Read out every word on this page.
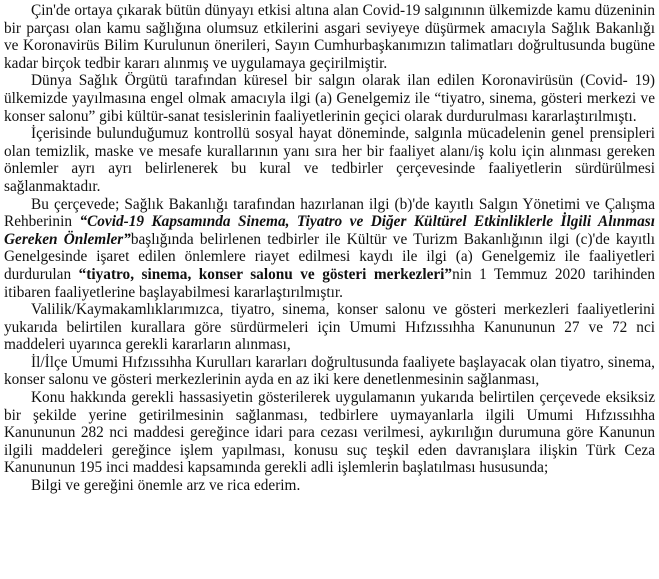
Çin'de ortaya çıkarak bütün dünyayı etkisi altına alan Covid-19 salgınının ülkemizde kamu düzeninin bir parçası olan kamu sağlığına olumsuz etkilerini asgari seviyeye düşürmek amacıyla Sağlık Bakanlığı ve Koronavirüs Bilim Kurulunun önerileri, Sayın Cumhurbaşkanımızın talimatları doğrultusunda bugüne kadar birçok tedbir kararı alınmış ve uygulamaya geçirilmiştir.

Dünya Sağlık Örgütü tarafından küresel bir salgın olarak ilan edilen Koronavirüsün (Covid- 19) ülkemizde yayılmasına engel olmak amacıyla ilgi (a) Genelgemiz ile “tiyatro, sinema, gösteri merkezi ve konser salonu” gibi kültür-sanat tesislerinin faaliyetlerinin geçici olarak durdurulması kararlaştırılmıştı.

İçerisinde bulunduğumuz kontrollü sosyal hayat döneminde, salgınla mücadelenin genel prensipleri olan temizlik, maske ve mesafe kurallarının yanı sıra her bir faaliyet alanı/iş kolu için alınması gereken önlemler ayrı ayrı belirlenerek bu kural ve tedbirler çerçevesinde faaliyetlerin sürdürülmesi sağlanmaktadır.

Bu çerçevede; Sağlık Bakanlığı tarafından hazırlanan ilgi (b)'de kayıtlı Salgın Yönetimi ve Çalışma Rehberinin “Covid-19 Kapsamında Sinema, Tiyatro ve Diğer Kültürel Etkinliklerle İlgili Alınması Gereken Önlemler”başlığında belirlenen tedbirler ile Kültür ve Turizm Bakanlığının ilgi (c)'de kayıtlı Genelgesinde işaret edilen önlemlere riayet edilmesi kaydı ile ilgi (a) Genelgemiz ile faaliyetleri durdurulan “tiyatro, sinema, konser salonu ve gösteri merkezleri”nin 1 Temmuz 2020 tarihinden itibaren faaliyetlerine başlayabilmesi kararlaştırılmıştır.

Valilik/Kaymakamlıklarımızca, tiyatro, sinema, konser salonu ve gösteri merkezleri faaliyetlerini yukarıda belirtilen kurallara göre sürdürmeleri için Umumi Hıfzıssıhha Kanununun 27 ve 72 nci maddeleri uyarınca gerekli kararların alınması,

İl/İlçe Umumi Hıfzıssıhha Kurulları kararları doğrultusunda faaliyete başlayacak olan tiyatro, sinema, konser salonu ve gösteri merkezlerinin ayda en az iki kere denetlenmesinin sağlanması,

Konu hakkında gerekli hassasiyetin gösterilerek uygulamanın yukarıda belirtilen çerçevede eksiksiz bir şekilde yerine getirilmesinin sağlanması, tedbirlere uymayanlarla ilgili Umumi Hıfzıssıhha Kanununun 282 nci maddesi gereğince idari para cezası verilmesi, aykırılığın durumuna göre Kanunun ilgili maddeleri gereğince işlem yapılması, konusu suç teşkil eden davranışlara ilişkin Türk Ceza Kanununun 195 inci maddesi kapsamında gerekli adli işlemlerin başlatılması hususunda;

Bilgi ve gereğini önemle arz ve rica ederim.
